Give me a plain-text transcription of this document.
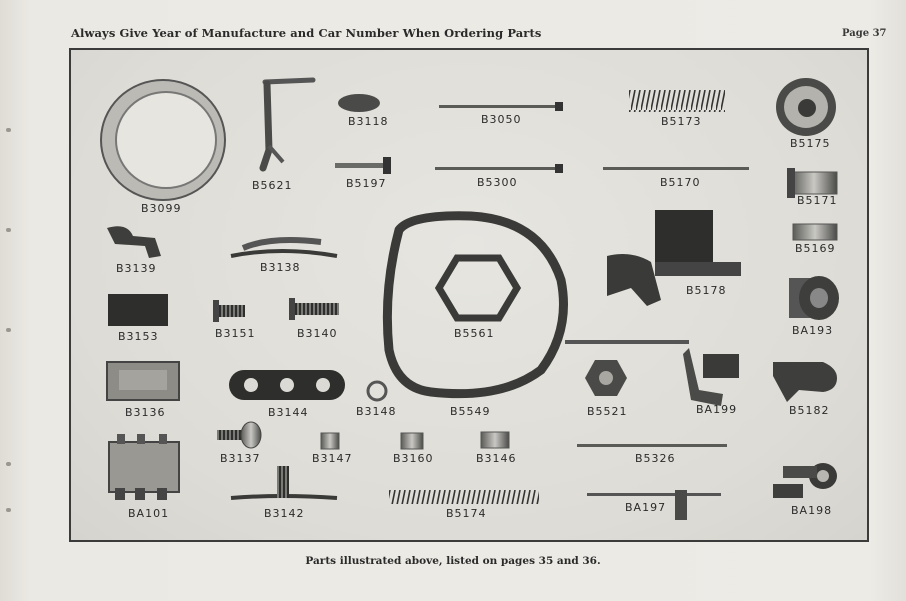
Always Give Year of Manufacture and Car Number When Ordering Parts	Page 37
B3099
B5621
B3118	B3050	B5173
B5175
B5197	B5300	B5170
B5171
B3139	B3138
B5169
B3153	B3151	B3140	B5561
B5178
BA193
B3136	B3144	B3148	B5549	B5521	BA199	B5182
B3137	B3147	B3160	B3146	B5326
BA101	B3142	B5174	BA197	BA198
Parts illustrated above, listed on pages 35 and 36.
